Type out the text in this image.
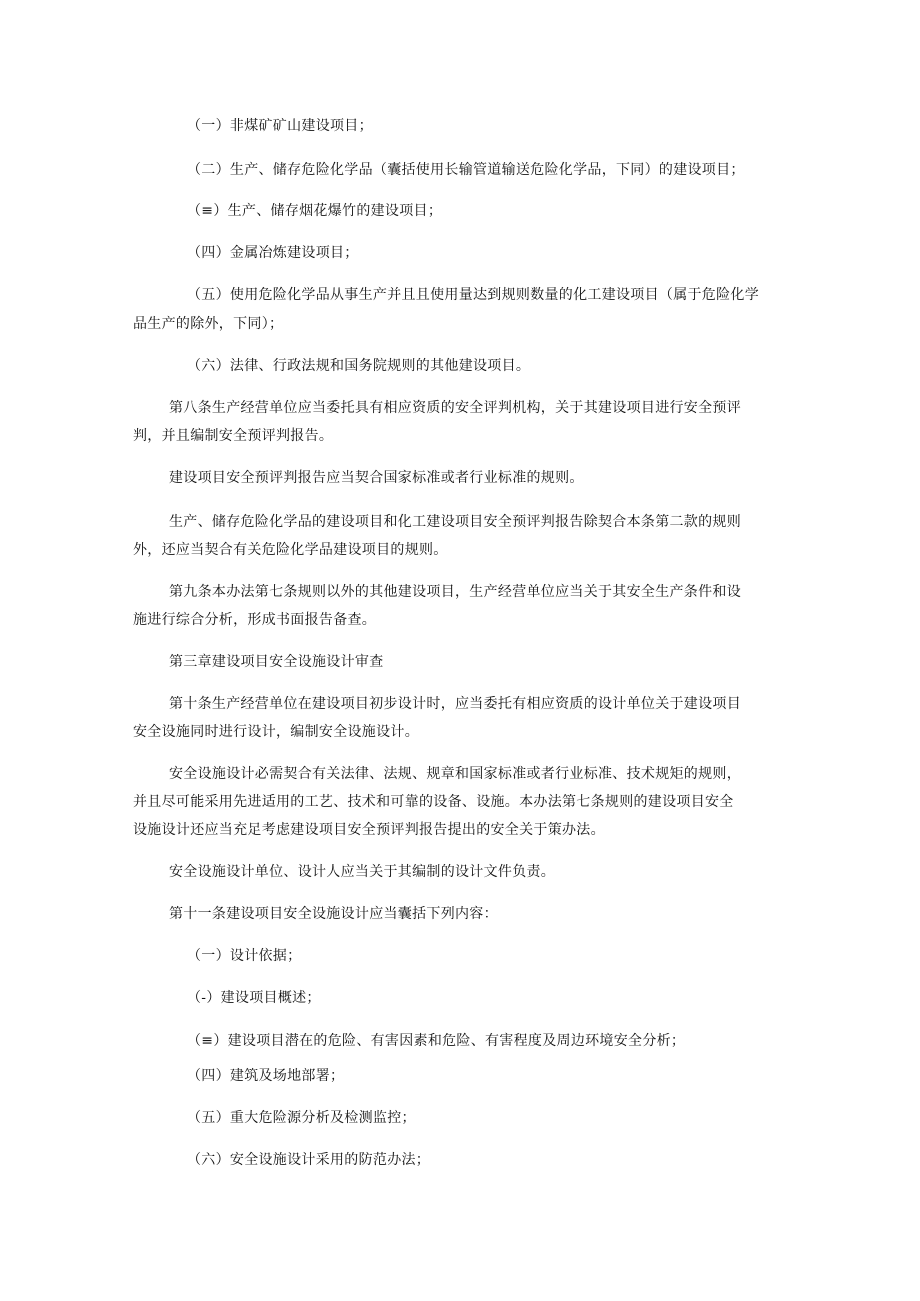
（一）非煤矿矿山建设项目；

（二）生产、储存危险化学品（囊括使用长输管道输送危险化学品，下同）的建设项目；

（≡）生产、储存烟花爆竹的建设项目；

（四）金属冶炼建设项目；

（五）使用危险化学品从事生产并且且使用量达到规则数量的化工建设项目（属于危险化学

品生产的除外，下同）；

（六）法律、行政法规和国务院规则的其他建设项目。

第八条生产经营单位应当委托具有相应资质的安全评判机构，关于其建设项目进行安全预评

判，并且编制安全预评判报告。

建设项目安全预评判报告应当契合国家标准或者行业标准的规则。

生产、储存危险化学品的建设项目和化工建设项目安全预评判报告除契合本条第二款的规则

外，还应当契合有关危险化学品建设项目的规则。

第九条本办法第七条规则以外的其他建设项目，生产经营单位应当关于其安全生产条件和设

施进行综合分析，形成书面报告备查。

第三章建设项目安全设施设计审查

第十条生产经营单位在建设项目初步设计时，应当委托有相应资质的设计单位关于建设项目

安全设施同时进行设计，编制安全设施设计。

安全设施设计必需契合有关法律、法规、规章和国家标准或者行业标准、技术规矩的规则，

并且尽可能采用先进适用的工艺、技术和可靠的设备、设施。本办法第七条规则的建设项目安全

设施设计还应当充足考虑建设项目安全预评判报告提出的安全关于策办法。

安全设施设计单位、设计人应当关于其编制的设计文件负责。

第十一条建设项目安全设施设计应当囊括下列内容：

（一）设计依据；

（-）建设项目概述；

（≡）建设项目潜在的危险、有害因素和危险、有害程度及周边环境安全分析；

（四）建筑及场地部署；

（五）重大危险源分析及检测监控；

（六）安全设施设计采用的防范办法；
